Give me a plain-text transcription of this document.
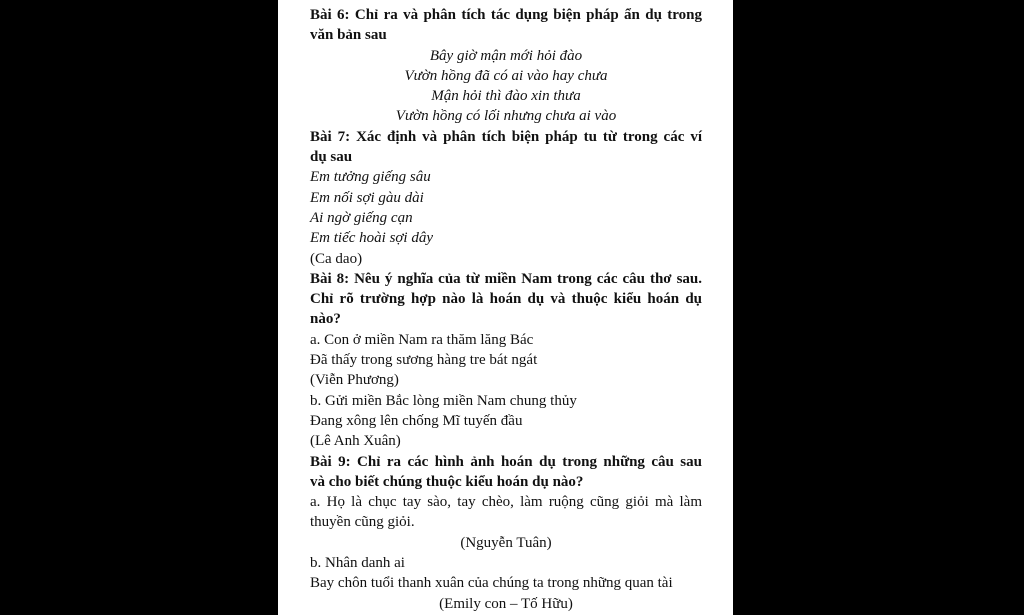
Bài 6: Chỉ ra và phân tích tác dụng biện pháp ẩn dụ trong
văn bản sau
Bây giờ mận mới hỏi đào
Vườn hồng đã có ai vào hay chưa
Mận hỏi thì đào xin thưa
Vườn hồng có lối nhưng chưa ai vào
Bài 7: Xác định và phân tích biện pháp tu từ trong các ví
dụ sau
Em tưởng giếng sâu
Em nối sợi gàu dài
Ai ngờ giếng cạn
Em tiếc hoài sợi dây
(Ca dao)
Bài 8: Nêu ý nghĩa của từ miền Nam trong các câu thơ sau.
Chỉ rõ trường hợp nào là hoán dụ và thuộc kiểu hoán dụ
nào?
a. Con ở miền Nam ra thăm lăng Bác
Đã thấy trong sương hàng tre bát ngát
(Viễn Phương)
b. Gửi miền Bắc lòng miền Nam chung thủy
Đang xông lên chống Mĩ tuyến đầu
(Lê Anh Xuân)
Bài 9: Chỉ ra các hình ảnh hoán dụ trong những câu sau
và cho biết chúng thuộc kiểu hoán dụ nào?
a. Họ là chục tay sào, tay chèo, làm ruộng cũng giỏi mà làm
thuyền cũng giỏi.
(Nguyễn Tuân)
b. Nhân danh ai
Bay chôn tuổi thanh xuân của chúng ta trong những quan tài
(Emily con – Tố Hữu)
